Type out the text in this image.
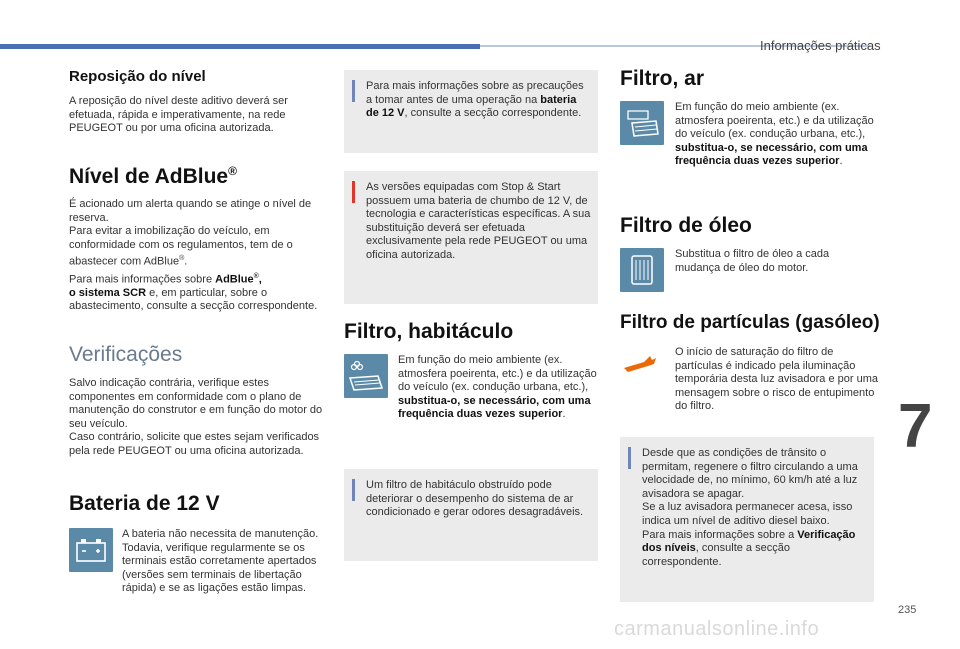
Informações práticas
7
235
Reposição do nível
A reposição do nível deste aditivo deverá ser efetuada, rápida e imperativamente, na rede PEUGEOT ou por uma oficina autorizada.
Nível de AdBlue®
É acionado um alerta quando se atinge o nível de reserva.
Para evitar a imobilização do veículo, em conformidade com os regulamentos, tem de o abastecer com AdBlue®.
Para mais informações sobre AdBlue®,
o sistema SCR e, em particular, sobre o abastecimento, consulte a secção correspondente.
Verificações
Salvo indicação contrária, verifique estes componentes em conformidade com o plano de manutenção do construtor e em função do motor do seu veículo.
Caso contrário, solicite que estes sejam verificados pela rede PEUGEOT ou uma oficina autorizada.
Bateria de 12 V
A bateria não necessita de manutenção. Todavia, verifique regularmente se os terminais estão corretamente apertados (versões sem terminais de libertação rápida) e se as ligações estão limpas.
Para mais informações sobre as precauções a tomar antes de uma operação na bateria de 12 V, consulte a secção correspondente.
As versões equipadas com Stop & Start possuem uma bateria de chumbo de 12 V, de tecnologia e características específicas. A sua substituição deverá ser efetuada exclusivamente pela rede PEUGEOT ou uma oficina autorizada.
Filtro, habitáculo
Em função do meio ambiente (ex. atmosfera poeirenta, etc.) e da utilização do veículo (ex. condução urbana, etc.), substitua-o, se necessário, com uma frequência duas vezes superior.
Um filtro de habitáculo obstruído pode deteriorar o desempenho do sistema de ar condicionado e gerar odores desagradáveis.
Filtro, ar
Em função do meio ambiente (ex. atmosfera poeirenta, etc.) e da utilização do veículo (ex. condução urbana, etc.), substitua-o, se necessário, com uma frequência duas vezes superior.
Filtro de óleo
Substitua o filtro de óleo a cada mudança de óleo do motor.
Filtro de partículas (gasóleo)
O início de saturação do filtro de partículas é indicado pela iluminação temporária desta luz avisadora e por uma mensagem sobre o risco de entupimento do filtro.
Desde que as condições de trânsito o permitam, regenere o filtro circulando a uma velocidade de, no mínimo, 60 km/h até a luz avisadora se apagar.
Se a luz avisadora permanecer acesa, isso indica um nível de aditivo diesel baixo.
Para mais informações sobre a Verificação dos níveis, consulte a secção correspondente.
carmanualsonline.info
